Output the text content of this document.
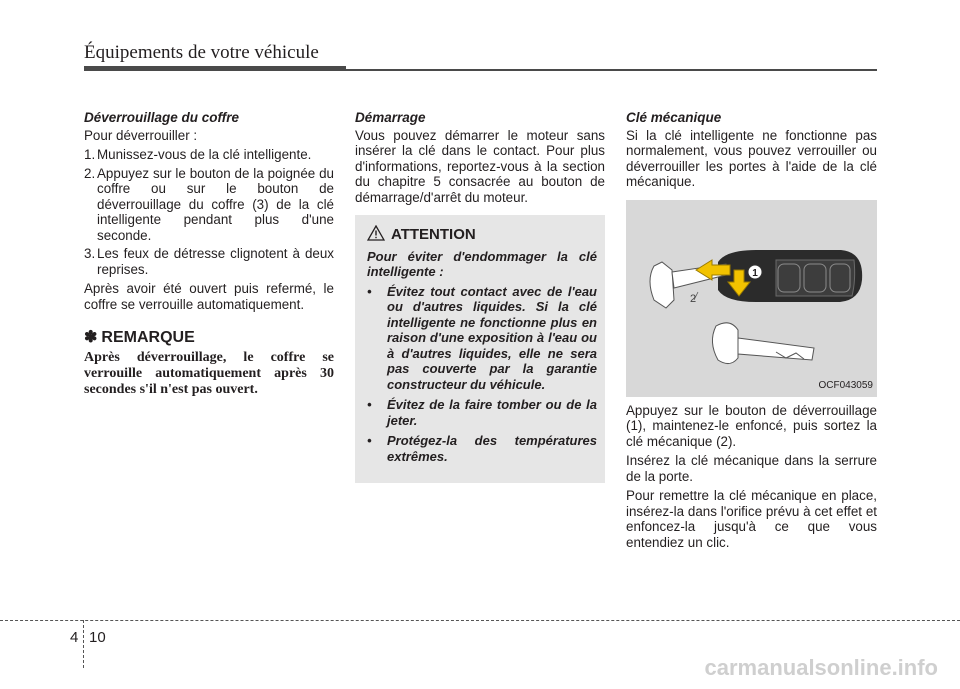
Équipements de votre véhicule
Déverrouillage du coffre

Pour déverrouiller :

1. Munissez-vous de la clé intelligente.
2. Appuyez sur le bouton de la poignée du coffre ou sur le bouton de déverrouillage du coffre (3) de la clé intelligente pendant plus d'une seconde.
3. Les feux de détresse clignotent à deux reprises.

Après avoir été ouvert puis refermé, le coffre se verrouille automatiquement.

✽ REMARQUE
Après déverrouillage, le coffre se verrouille automatiquement après 30 secondes s'il n'est pas ouvert.
Démarrage

Vous pouvez démarrer le moteur sans insérer la clé dans le contact. Pour plus d'informations, reportez-vous à la section du chapitre 5 consacrée au bouton de démarrage/d'arrêt du moteur.

ATTENTION

Pour éviter d'endommager la clé intelligente :

• Évitez tout contact avec de l'eau ou d'autres liquides. Si la clé intelligente ne fonctionne plus en raison d'une exposition à l'eau ou à d'autres liquides, elle ne sera pas couverte par la garantie constructeur du véhicule.
• Évitez de la faire tomber ou de la jeter.
• Protégez-la des températures extrêmes.
Clé mécanique

Si la clé intelligente ne fonctionne pas normalement, vous pouvez verrouiller ou déverrouiller les portes à l'aide de la clé mécanique.

1
2
OCF043059

Appuyez sur le bouton de déverrouillage (1), maintenez-le enfoncé, puis sortez la clé mécanique (2).

Insérez la clé mécanique dans la serrure de la porte.

Pour remettre la clé mécanique en place, insérez-la dans l'orifice prévu à cet effet et enfoncez-la jusqu'à ce que vous entendiez un clic.

4 10
carmanualsonline.info
